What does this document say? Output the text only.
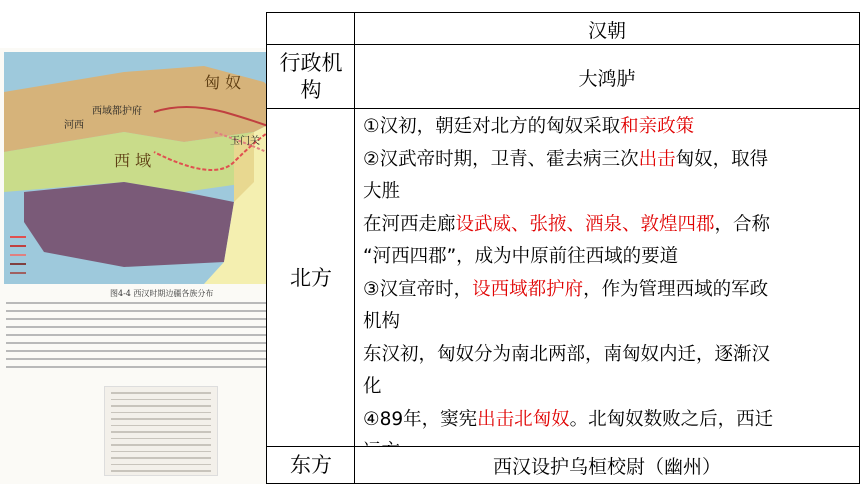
匈 奴
西 域
西域都护府
玉门关
河西
图4-4 西汉时期边疆各族分布
汉朝
行政机构	大鸿胪
北方
①汉初，朝廷对北方的匈奴采取和亲政策
②汉武帝时期，卫青、霍去病三次出击匈奴，取得
大胜
在河西走廊设武威、张掖、酒泉、敦煌四郡，合称
“河西四郡”，成为中原前往西域的要道
③汉宣帝时，设西域都护府，作为管理西域的军政
机构
东汉初，匈奴分为南北两部，南匈奴内迁，逐渐汉
化
④89年，窦宪出击北匈奴。北匈奴数败之后，西迁
东方	西汉设护乌桓校尉（幽州）
